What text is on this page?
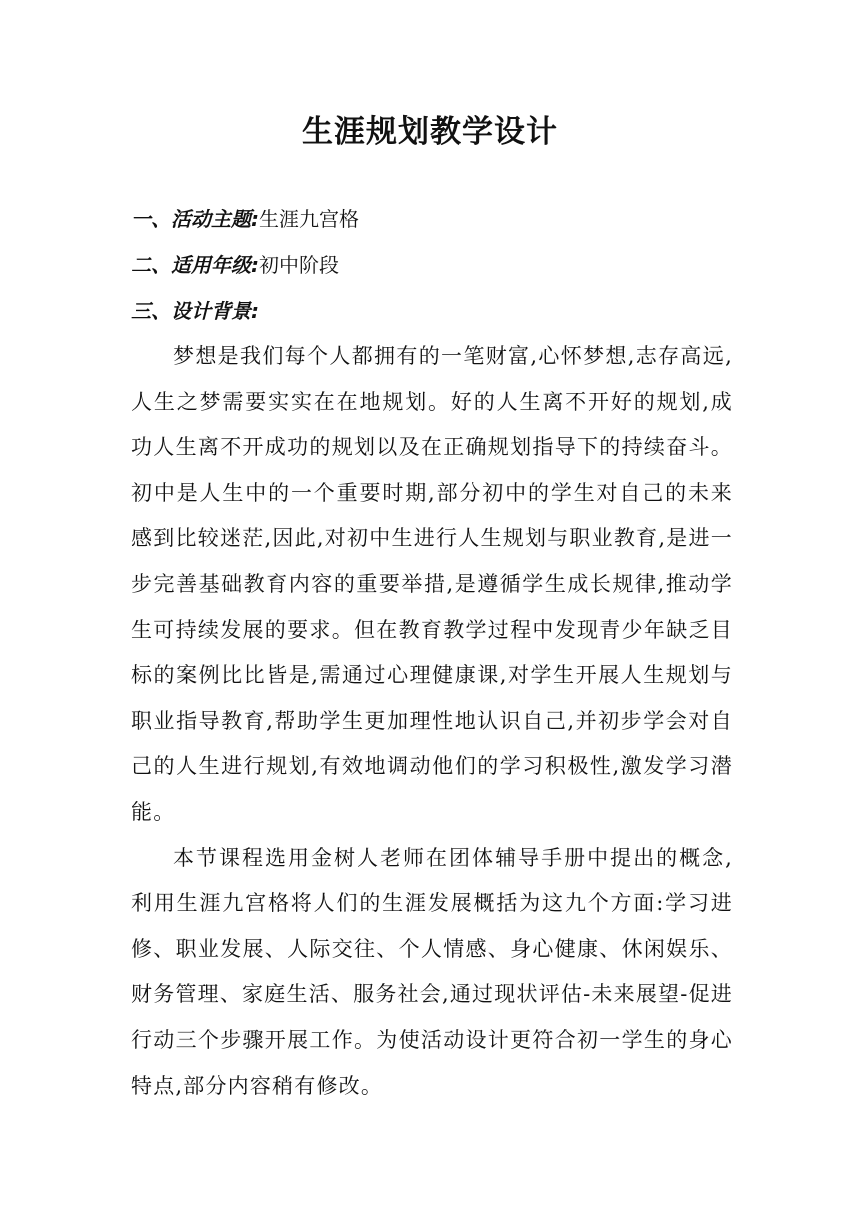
生涯规划教学设计
一、活动主题:生涯九宫格
二、适用年级:初中阶段
三、设计背景:

梦想是我们每个人都拥有的一笔财富,心怀梦想,志存高远,人生之梦需要实实在在地规划。好的人生离不开好的规划,成功人生离不开成功的规划以及在正确规划指导下的持续奋斗。初中是人生中的一个重要时期,部分初中的学生对自己的未来感到比较迷茫,因此,对初中生进行人生规划与职业教育,是进一步完善基础教育内容的重要举措,是遵循学生成长规律,推动学生可持续发展的要求。但在教育教学过程中发现青少年缺乏目标的案例比比皆是,需通过心理健康课,对学生开展人生规划与职业指导教育,帮助学生更加理性地认识自己,并初步学会对自己的人生进行规划,有效地调动他们的学习积极性,激发学习潜能。

本节课程选用金树人老师在团体辅导手册中提出的概念,利用生涯九宫格将人们的生涯发展概括为这九个方面:学习进修、职业发展、人际交往、个人情感、身心健康、休闲娱乐、财务管理、家庭生活、服务社会,通过现状评估-未来展望-促进行动三个步骤开展工作。为使活动设计更符合初一学生的身心特点,部分内容稍有修改。
